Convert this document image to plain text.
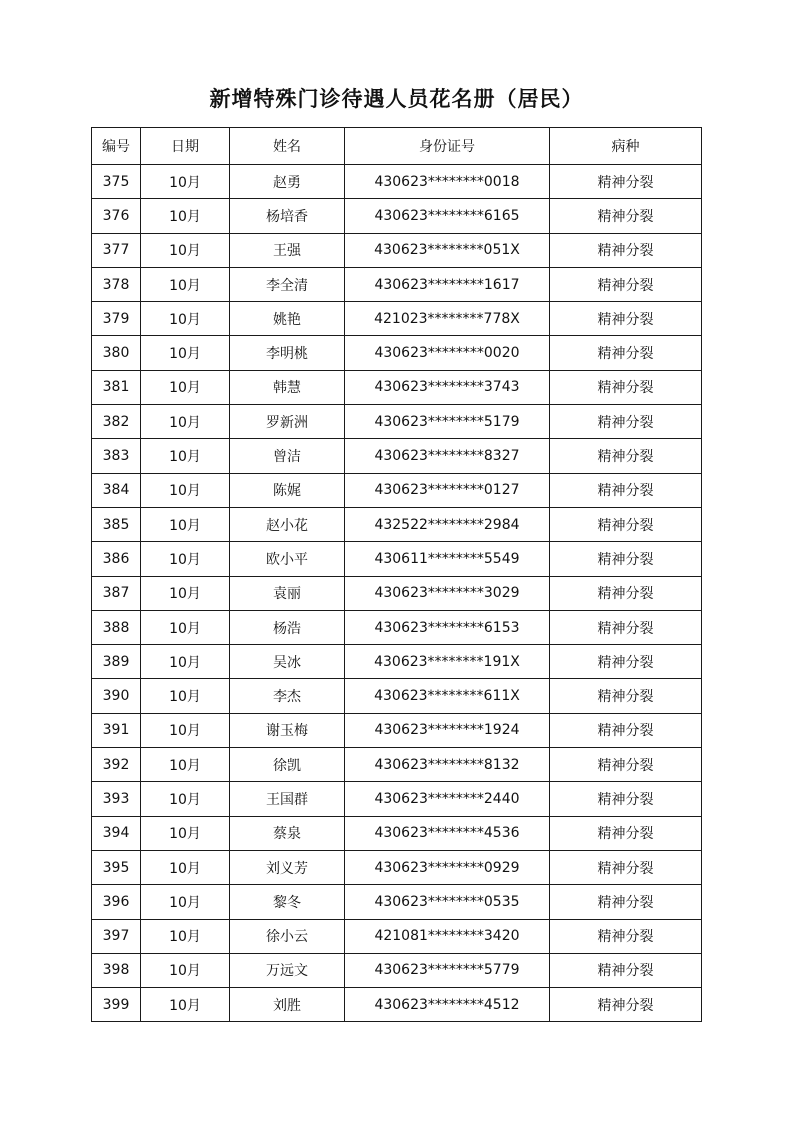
新增特殊门诊待遇人员花名册（居民）
编号	日期	姓名	身份证号	病种
375	10月	赵勇	430623********0018	精神分裂
376	10月	杨培香	430623********6165	精神分裂
377	10月	王强	430623********051X	精神分裂
378	10月	李全清	430623********1617	精神分裂
379	10月	姚艳	421023********778X	精神分裂
380	10月	李明桃	430623********0020	精神分裂
381	10月	韩慧	430623********3743	精神分裂
382	10月	罗新洲	430623********5179	精神分裂
383	10月	曾洁	430623********8327	精神分裂
384	10月	陈娓	430623********0127	精神分裂
385	10月	赵小花	432522********2984	精神分裂
386	10月	欧小平	430611********5549	精神分裂
387	10月	袁丽	430623********3029	精神分裂
388	10月	杨浩	430623********6153	精神分裂
389	10月	吴冰	430623********191X	精神分裂
390	10月	李杰	430623********611X	精神分裂
391	10月	谢玉梅	430623********1924	精神分裂
392	10月	徐凯	430623********8132	精神分裂
393	10月	王国群	430623********2440	精神分裂
394	10月	蔡泉	430623********4536	精神分裂
395	10月	刘义芳	430623********0929	精神分裂
396	10月	黎冬	430623********0535	精神分裂
397	10月	徐小云	421081********3420	精神分裂
398	10月	万远文	430623********5779	精神分裂
399	10月	刘胜	430623********4512	精神分裂
